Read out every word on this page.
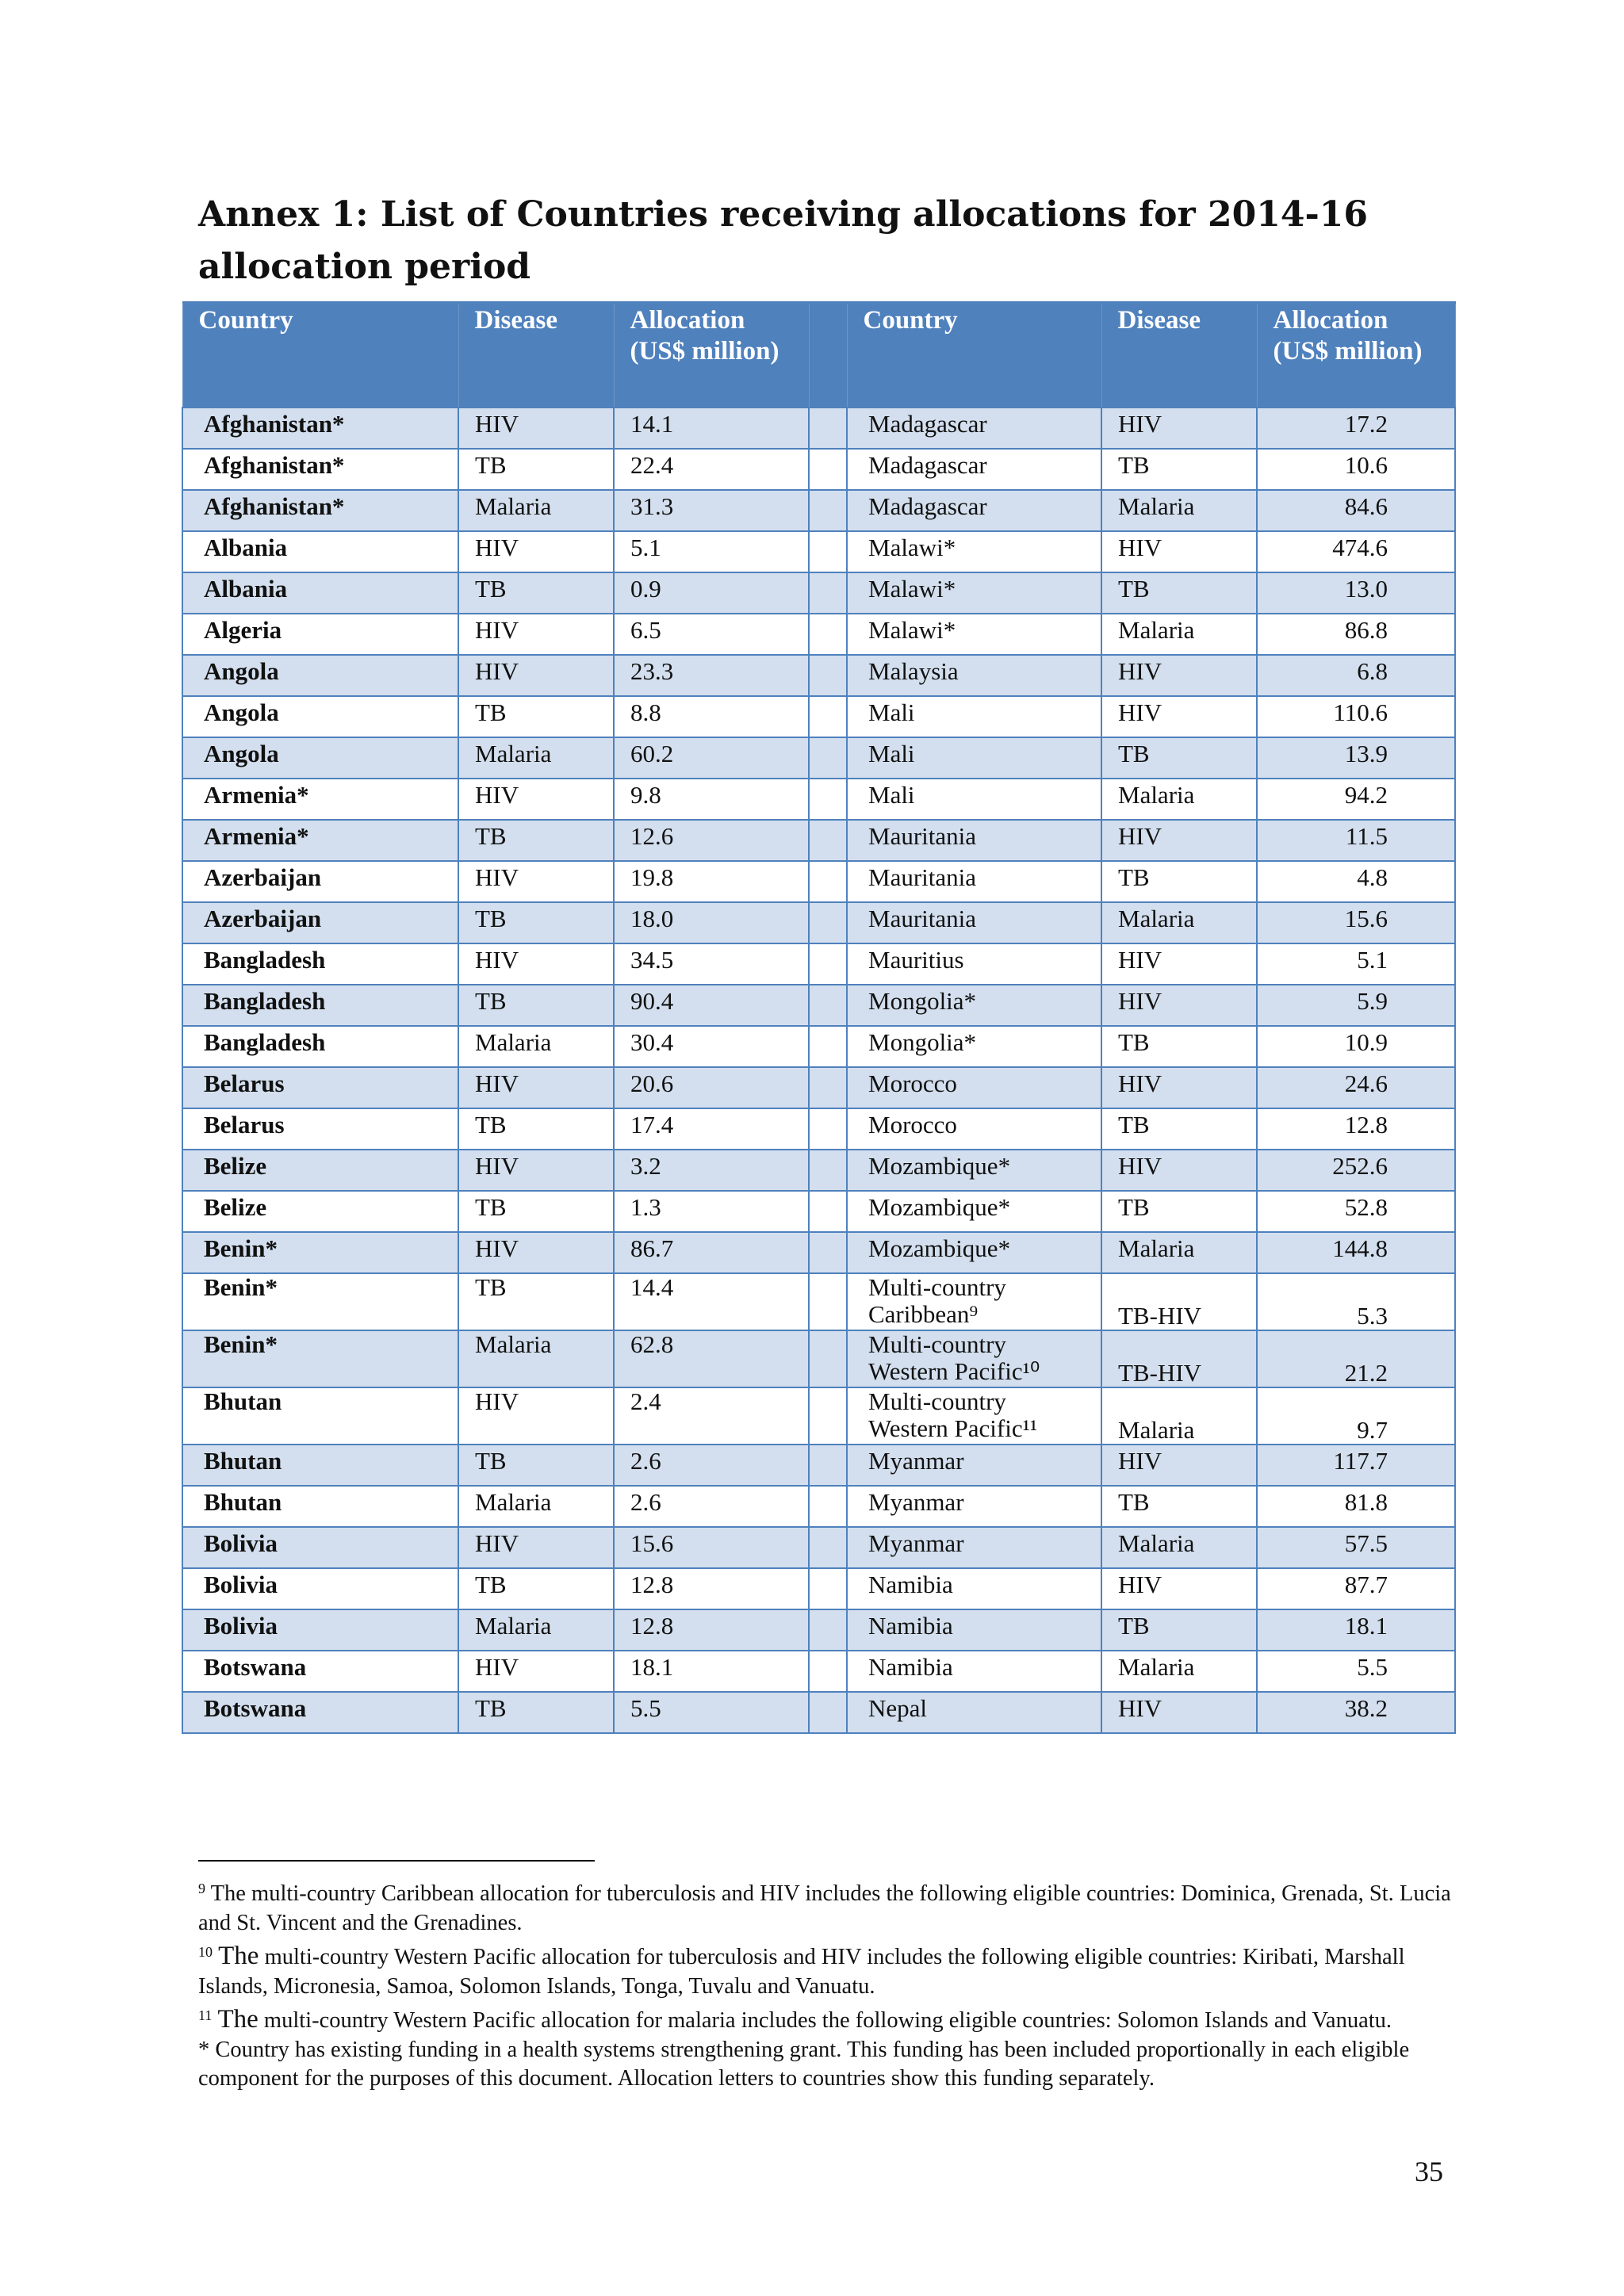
Annex 1: List of Countries receiving allocations for 2014-16 allocation period
Country	Disease	Allocation (US$ million)		Country	Disease	Allocation (US$ million)
Afghanistan*	HIV	14.1		Madagascar	HIV	17.2
Afghanistan*	TB	22.4		Madagascar	TB	10.6
Afghanistan*	Malaria	31.3		Madagascar	Malaria	84.6
Albania	HIV	5.1		Malawi*	HIV	474.6
Albania	TB	0.9		Malawi*	TB	13.0
Algeria	HIV	6.5		Malawi*	Malaria	86.8
Angola	HIV	23.3		Malaysia	HIV	6.8
Angola	TB	8.8		Mali	HIV	110.6
Angola	Malaria	60.2		Mali	TB	13.9
Armenia*	HIV	9.8		Mali	Malaria	94.2
Armenia*	TB	12.6		Mauritania	HIV	11.5
Azerbaijan	HIV	19.8		Mauritania	TB	4.8
Azerbaijan	TB	18.0		Mauritania	Malaria	15.6
Bangladesh	HIV	34.5		Mauritius	HIV	5.1
Bangladesh	TB	90.4		Mongolia*	HIV	5.9
Bangladesh	Malaria	30.4		Mongolia*	TB	10.9
Belarus	HIV	20.6		Morocco	HIV	24.6
Belarus	TB	17.4		Morocco	TB	12.8
Belize	HIV	3.2		Mozambique*	HIV	252.6
Belize	TB	1.3		Mozambique*	TB	52.8
Benin*	HIV	86.7		Mozambique*	Malaria	144.8
Benin*	TB	14.4		Multi-country Caribbean⁹	TB-HIV	5.3
Benin*	Malaria	62.8		Multi-country Western Pacific¹⁰	TB-HIV	21.2
Bhutan	HIV	2.4		Multi-country Western Pacific¹¹	Malaria	9.7
Bhutan	TB	2.6		Myanmar	HIV	117.7
Bhutan	Malaria	2.6		Myanmar	TB	81.8
Bolivia	HIV	15.6		Myanmar	Malaria	57.5
Bolivia	TB	12.8		Namibia	HIV	87.7
Bolivia	Malaria	12.8		Namibia	TB	18.1
Botswana	HIV	18.1		Namibia	Malaria	5.5
Botswana	TB	5.5		Nepal	HIV	38.2

$^9$ The multi-country Caribbean allocation for tuberculosis and HIV includes the following eligible countries: Dominica, Grenada, St. Lucia and St. Vincent and the Grenadines.

$^{10}$ The multi-country Western Pacific allocation for tuberculosis and HIV includes the following eligible countries: Kiribati, Marshall Islands, Micronesia, Samoa, Solomon Islands, Tonga, Tuvalu and Vanuatu.

$^{11}$ The multi-country Western Pacific allocation for malaria includes the following eligible countries: Solomon Islands and Vanuatu.

* Country has existing funding in a health systems strengthening grant. This funding has been included proportionally in each eligible component for the purposes of this document. Allocation letters to countries show this funding separately.

35
